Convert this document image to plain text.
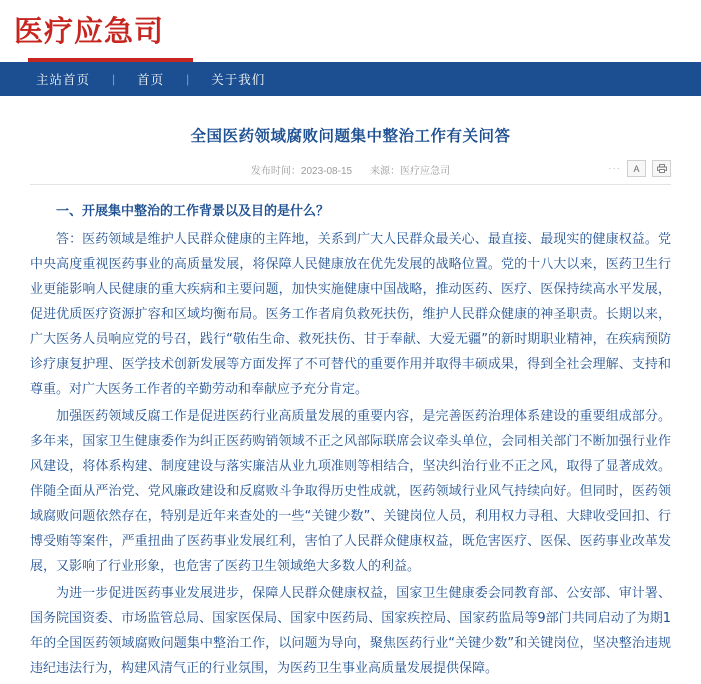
医疗应急司
主站首页	|	首页	|	关于我们
全国医药领域腐败问题集中整治工作有关问答
发布时间：2023-08-15 来源：医疗应急司	··· A

一、开展集中整治的工作背景以及目的是什么？

答：医药领域是维护人民群众健康的主阵地，关系到广大人民群众最关心、最直接、最现实的健康权益。党中央高度重视医药事业的高质量发展，将保障人民健康放在优先发展的战略位置。党的十八大以来，医药卫生行业更能影响人民健康的重大疾病和主要问题，加快实施健康中国战略，推动医药、医疗、医保持续高水平发展，促进优质医疗资源扩容和区域均衡布局。医务工作者肩负救死扶伤，维护人民群众健康的神圣职责。长期以来，广大医务人员响应党的号召，践行“敬佑生命、救死扶伤、甘于奉献、大爱无疆”的新时期职业精神，在疾病预防诊疗康复护理、医学技术创新发展等方面发挥了不可替代的重要作用并取得丰硕成果，得到全社会理解、支持和尊重。对广大医务工作者的辛勤劳动和奉献应予充分肯定。

加强医药领域反腐工作是促进医药行业高质量发展的重要内容，是完善医药治理体系建设的重要组成部分。多年来，国家卫生健康委作为纠正医药购销领域不正之风部际联席会议牵头单位，会同相关部门不断加强行业作风建设，将体系构建、制度建设与落实廉洁从业九项准则等相结合，坚决纠治行业不正之风，取得了显著成效。伴随全面从严治党、党风廉政建设和反腐败斗争取得历史性成就，医药领域行业风气持续向好。但同时，医药领域腐败问题依然存在，特别是近年来查处的一些“关键少数”、关键岗位人员，利用权力寻租、大肆收受回扣、行博受贿等案件，严重扭曲了医药事业发展红利，害怕了人民群众健康权益，既危害医疗、医保、医药事业改革发展，又影响了行业形象，也危害了医药卫生领域绝大多数人的利益。

为进一步促进医药事业发展进步，保障人民群众健康权益，国家卫生健康委会同教育部、公安部、审计署、国务院国资委、市场监管总局、国家医保局、国家中医药局、国家疾控局、国家药监局等9部门共同启动了为期1年的全国医药领域腐败问题集中整治工作，以问题为导向，聚焦医药行业“关键少数”和关键岗位，坚决整治违规违纪违法行为，构建风清气正的行业氛围，为医药卫生事业高质量发展提供保障。
